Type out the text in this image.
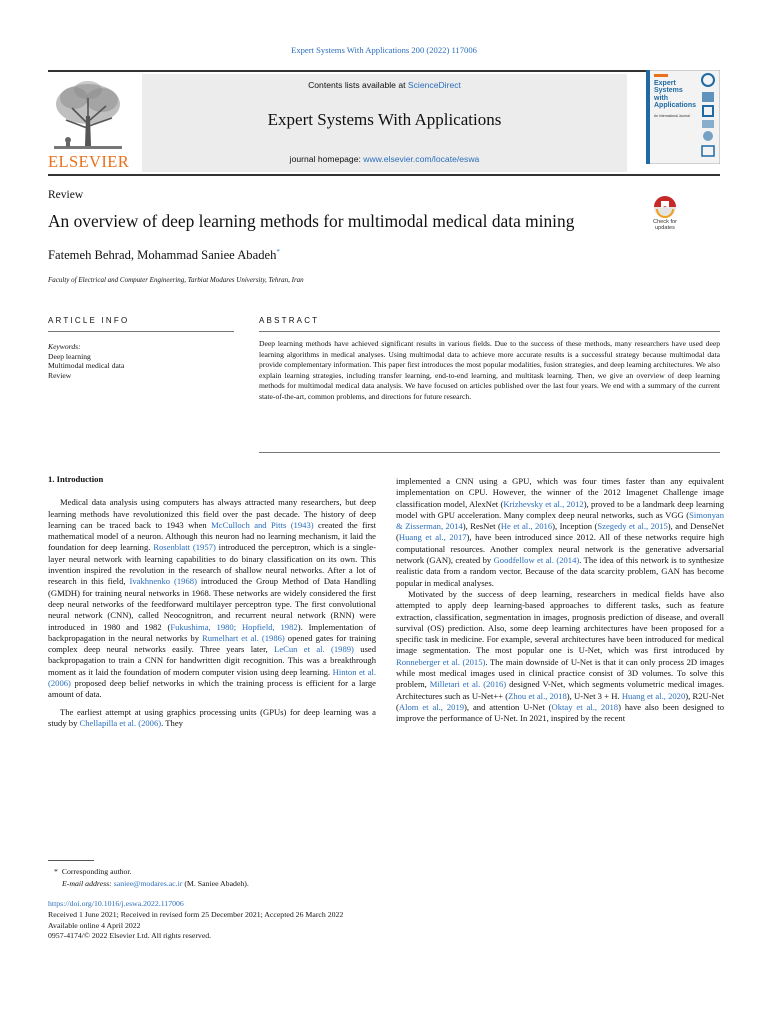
Expert Systems With Applications 200 (2022) 117006
ELSEVIER
Contents lists available at ScienceDirect
Expert Systems With Applications
journal homepage: www.elsevier.com/locate/eswa
Expert
Systems
with
Applications
An International Journal
Review
An overview of deep learning methods for multimodal medical data mining	Check for
updates
Fatemeh Behrad, Mohammad Saniee Abadeh*
Faculty of Electrical and Computer Engineering, Tarbiat Modares University, Tehran, Iran
ARTICLE INFO	ABSTRACT
Keywords:
Deep learning
Multimodal medical data
Review
Deep learning methods have achieved significant results in various fields. Due to the success of these methods, many researchers have used deep learning algorithms in medical analyses. Using multimodal data to achieve more accurate results is a successful strategy because multimodal data provide complementary information. This paper first introduces the most popular modalities, fusion strategies, and deep learning architectures. We also explain learning strategies, including transfer learning, end-to-end learning, and multitask learning. Then, we give an overview of deep learning methods for multimodal medical data analysis. We have focused on articles published over the last four years. We end with a summary of the current state-of-the-art, common problems, and directions for future research.
1. Introduction

Medical data analysis using computers has always attracted many researchers, but deep learning methods have revolutionized this field over the past decade. The history of deep learning can be traced back to 1943 when McCulloch and Pitts (1943) created the first mathematical model of a neuron. Although this neuron had no learning mechanism, it laid the foundation for deep learning. Rosenblatt (1957) introduced the perceptron, which is a single-layer neural network with learning capabilities to do binary classification on its own. This invention inspired the revolution in the research of shallow neural networks. After a lot of research in this field, Ivakhnenko (1968) introduced the Group Method of Data Handling (GMDH) for training neural networks in 1968. These networks are widely considered the first deep neural networks of the feedforward multilayer perceptron type. The first convolutional neural network (CNN), called Neocognitron, and recurrent neural network (RNN) were introduced in 1980 and 1982 (Fukushima, 1980; Hopfield, 1982). Implementation of backpropagation in the neural networks by Rumelhart et al. (1986) opened gates for training complex deep neural networks easily. Three years later, LeCun et al. (1989) used backpropagation to train a CNN for handwritten digit recognition. This was a breakthrough moment as it laid the foundation of modern computer vision using deep learning. Hinton et al. (2006) proposed deep belief networks in which the training process is efficient for a large amount of data.

The earliest attempt at using graphics processing units (GPUs) for deep learning was a study by Chellapilla et al. (2006). They

implemented a CNN using a GPU, which was four times faster than any equivalent implementation on CPU. However, the winner of the 2012 Imagenet Challenge image classification model, AlexNet (Krizhevsky et al., 2012), proved to be a landmark deep learning model with GPU acceleration. Many complex deep neural networks, such as VGG (Simonyan & Zisserman, 2014), ResNet (He et al., 2016), Inception (Szegedy et al., 2015), and DenseNet (Huang et al., 2017), have been introduced since 2012. All of these networks require high computational resources. Another complex neural network is the generative adversarial network (GAN), created by Goodfellow et al. (2014). The idea of this network is to synthesize realistic data from a random vector. Because of the data scarcity problem, GAN has become popular in medical analyses.

Motivated by the success of deep learning, researchers in medical fields have also attempted to apply deep learning-based approaches to different tasks, such as feature extraction, classification, segmentation in images, prognosis prediction of disease, and overall survival (OS) prediction. Also, some deep learning architectures have been proposed for a specific task in medicine. For example, several architectures have been introduced for medical image segmentation. The most popular one is U-Net, which was first introduced by Ronneberger et al. (2015). The main downside of U-Net is that it can only process 2D images while most medical images used in clinical practice consist of 3D volumes. To solve this problem, Milletari et al. (2016) designed V-Net, which segments volumetric medical images. Architectures such as U-Net++ (Zhou et al., 2018), U-Net 3 + H. Huang et al., 2020), R2U-Net (Alom et al., 2019), and attention U-Net (Oktay et al., 2018) have also been designed to improve the performance of U-Net. In 2021, inspired by the recent

* Corresponding author.
E-mail address: saniee@modares.ac.ir (M. Saniee Abadeh).
https://doi.org/10.1016/j.eswa.2022.117006
Received 1 June 2021; Received in revised form 25 December 2021; Accepted 26 March 2022
Available online 4 April 2022
0957-4174/© 2022 Elsevier Ltd. All rights reserved.
